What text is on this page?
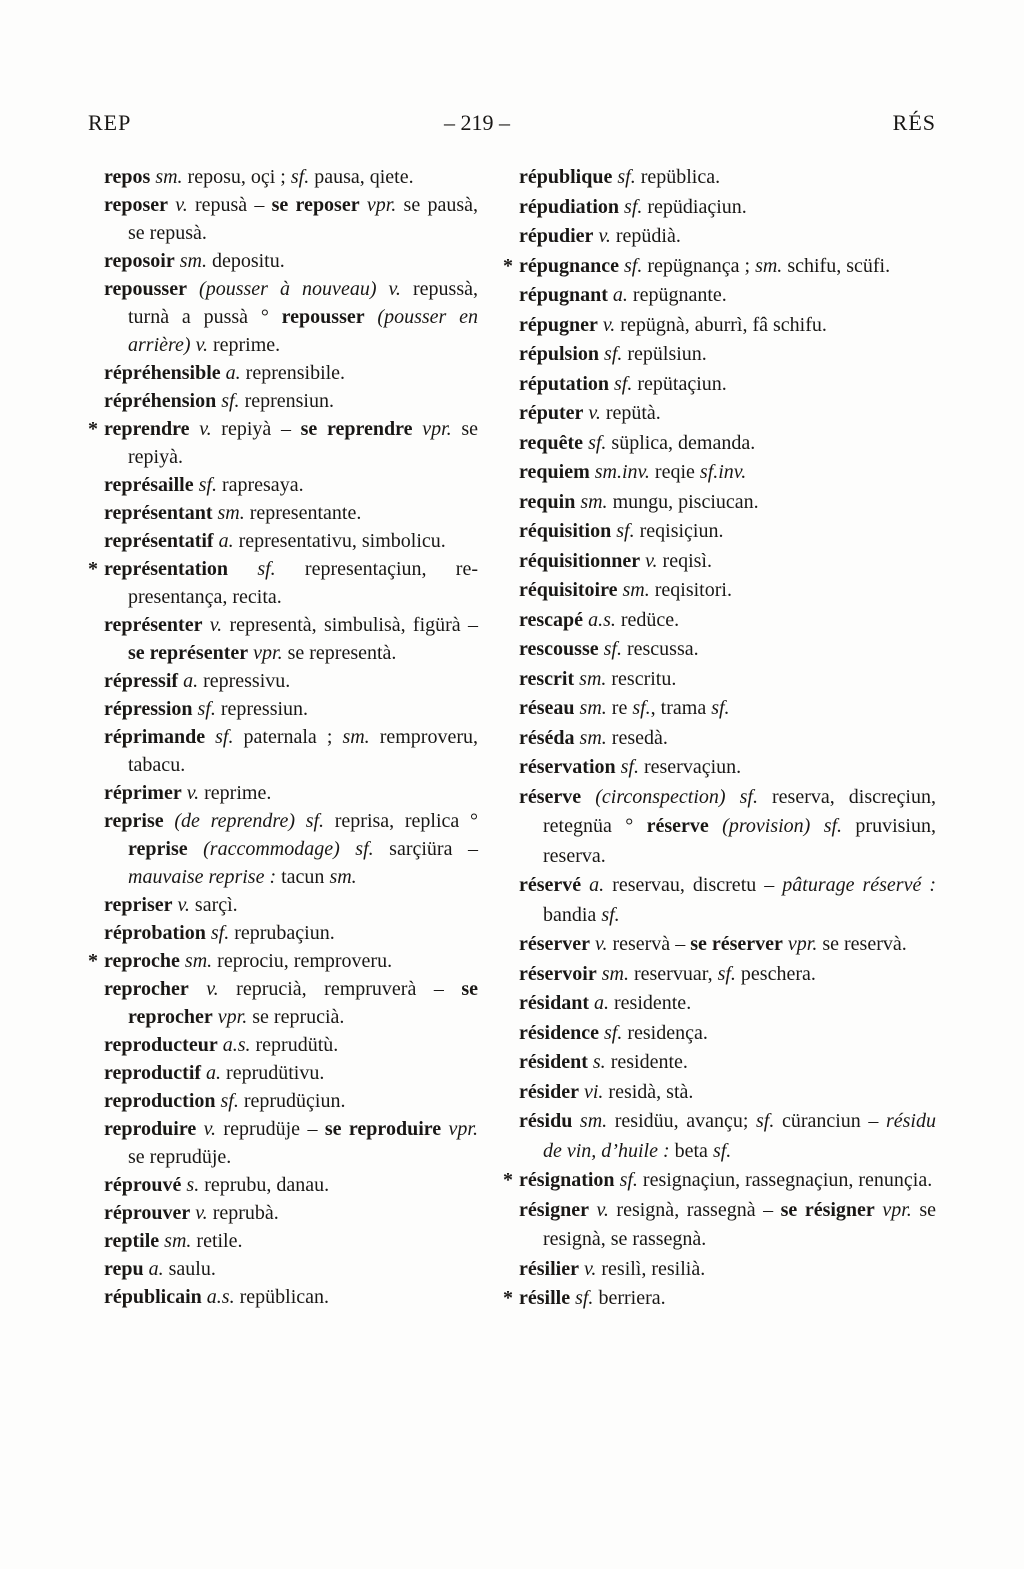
REP	– 219 –	RÉS
repos sm. reposu, oçi ; sf. pausa, qiete.
reposer v. repusà – se reposer vpr. se pausà, se repusà.
reposoir sm. depositu.
repousser (pousser à nouveau) v. repussà, turnà a pussà ° repousser (pousser en arrière) v. reprime.
répréhensible a. reprensibile.
répréhension sf. reprensiun.
* reprendre v. repiyà – se reprendre vpr. se repiyà.
représaille sf. rapresaya.
représentant sm. representante.
représentatif a. representativu, simbolicu.
* représentation sf. representaçiun, representança, recita.
représenter v. representà, simbulisà, figürà – se représenter vpr. se representà.
répressif a. repressivu.
répression sf. repressiun.
réprimande sf. paternala ; sm. remproveru, tabacu.
réprimer v. reprime.
reprise (de reprendre) sf. reprisa, replica ° reprise (raccommodage) sf. sarçiüra – mauvaise reprise : tacun sm.
repriser v. sarçì.
réprobation sf. reprubaçiun.
* reproche sm. reprociu, remproveru.
reprocher v. reprucià, rempruverà – se reprocher vpr. se reprucià.
reproducteur a.s. reprudütù.
reproductif a. reprudütivu.
reproduction sf. reprudüçiun.
reproduire v. reprudüje – se reproduire vpr. se reprudüje.
réprouvé s. reprubu, danau.
réprouver v. reprubà.
reptile sm. retile.
repu a. saulu.
républicain a.s. repüblican.
république sf. repüblica.
répudiation sf. repüdiaçiun.
répudier v. repüdià.
* répugnance sf. repügnança ; sm. schifu, scüfi.
répugnant a. repügnante.
répugner v. repügnà, aburrì, fâ schifu.
répulsion sf. repülsiun.
réputation sf. repütaçiun.
réputer v. repütà.
requête sf. süplica, demanda.
requiem sm.inv. reqie sf.inv.
requin sm. mungu, pisciucan.
réquisition sf. reqisiçiun.
réquisitionner v. reqisì.
réquisitoire sm. reqisitori.
rescapé a.s. redüce.
rescousse sf. rescussa.
rescrit sm. rescritu.
réseau sm. re sf., trama sf.
réséda sm. resedà.
réservation sf. reservaçiun.
réserve (circonspection) sf. reserva, discreçiun, retegnüa ° réserve (provision) sf. pruvisiun, reserva.
réservé a. reservau, discretu – pâturage réservé : bandia sf.
réserver v. reservà – se réserver vpr. se reservà.
réservoir sm. reservuar, sf. peschera.
résidant a. residente.
résidence sf. residença.
résident s. residente.
résider vi. residà, stà.
résidu sm. residüu, avançu; sf. cüranciun – résidu de vin, d’huile : beta sf.
* résignation sf. resignaçiun, rassegnaçiun, renunçia.
résigner v. resignà, rassegnà – se résigner vpr. se resignà, se rassegnà.
résilier v. resilì, resilià.
* résille sf. berriera.
